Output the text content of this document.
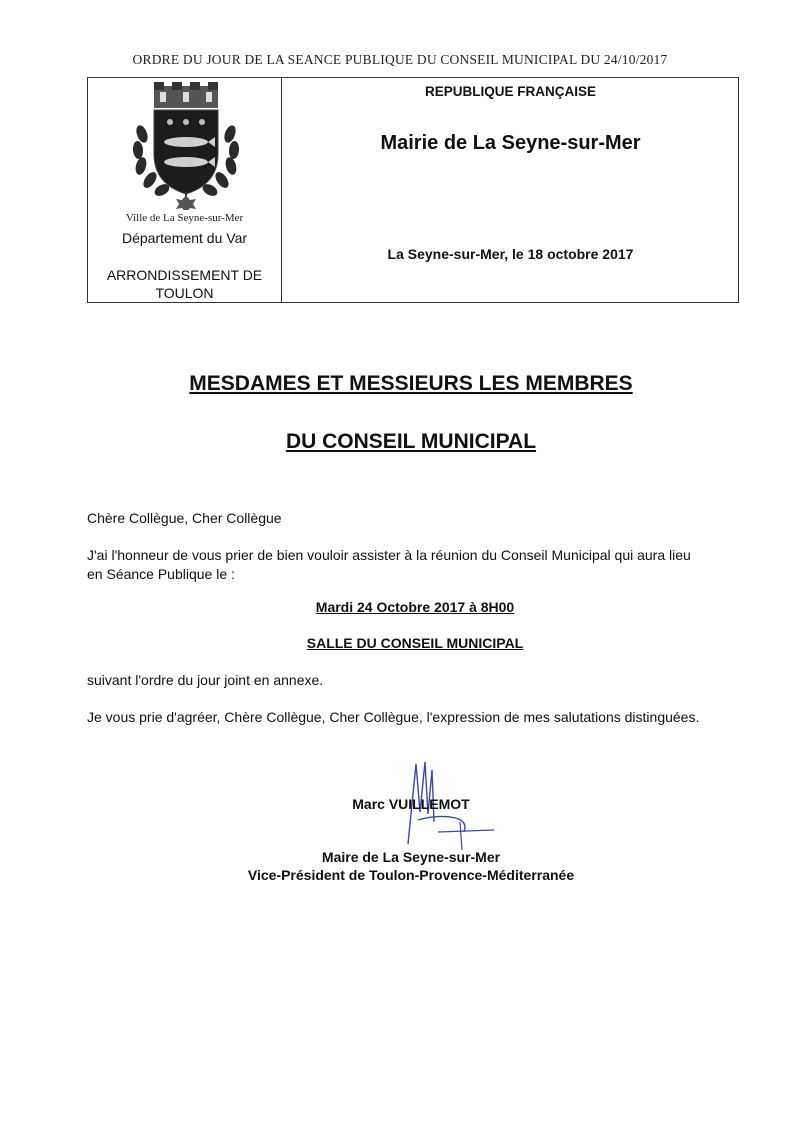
ORDRE DU JOUR DE LA SEANCE PUBLIQUE DU CONSEIL MUNICIPAL DU 24/10/2017
Ville de La Seyne-sur-Mer
Département du Var
ARRONDISSEMENT DE
TOULON
REPUBLIQUE FRANÇAISE
Mairie de La Seyne-sur-Mer
La Seyne-sur-Mer, le 18 octobre 2017
MESDAMES ET MESSIEURS LES MEMBRES
DU CONSEIL MUNICIPAL
Chère Collègue, Cher Collègue
J'ai l'honneur de vous prier de bien vouloir assister à la réunion du Conseil Municipal qui aura lieu
en Séance Publique le :
Mardi 24 Octobre 2017 à 8H00
SALLE DU CONSEIL MUNICIPAL
suivant l'ordre du jour joint en annexe.
Je vous prie d'agréer, Chère Collègue, Cher Collègue, l'expression de mes salutations distinguées.
Marc VUILLEMOT
Maire de La Seyne-sur-Mer
Vice-Président de Toulon-Provence-Méditerranée
